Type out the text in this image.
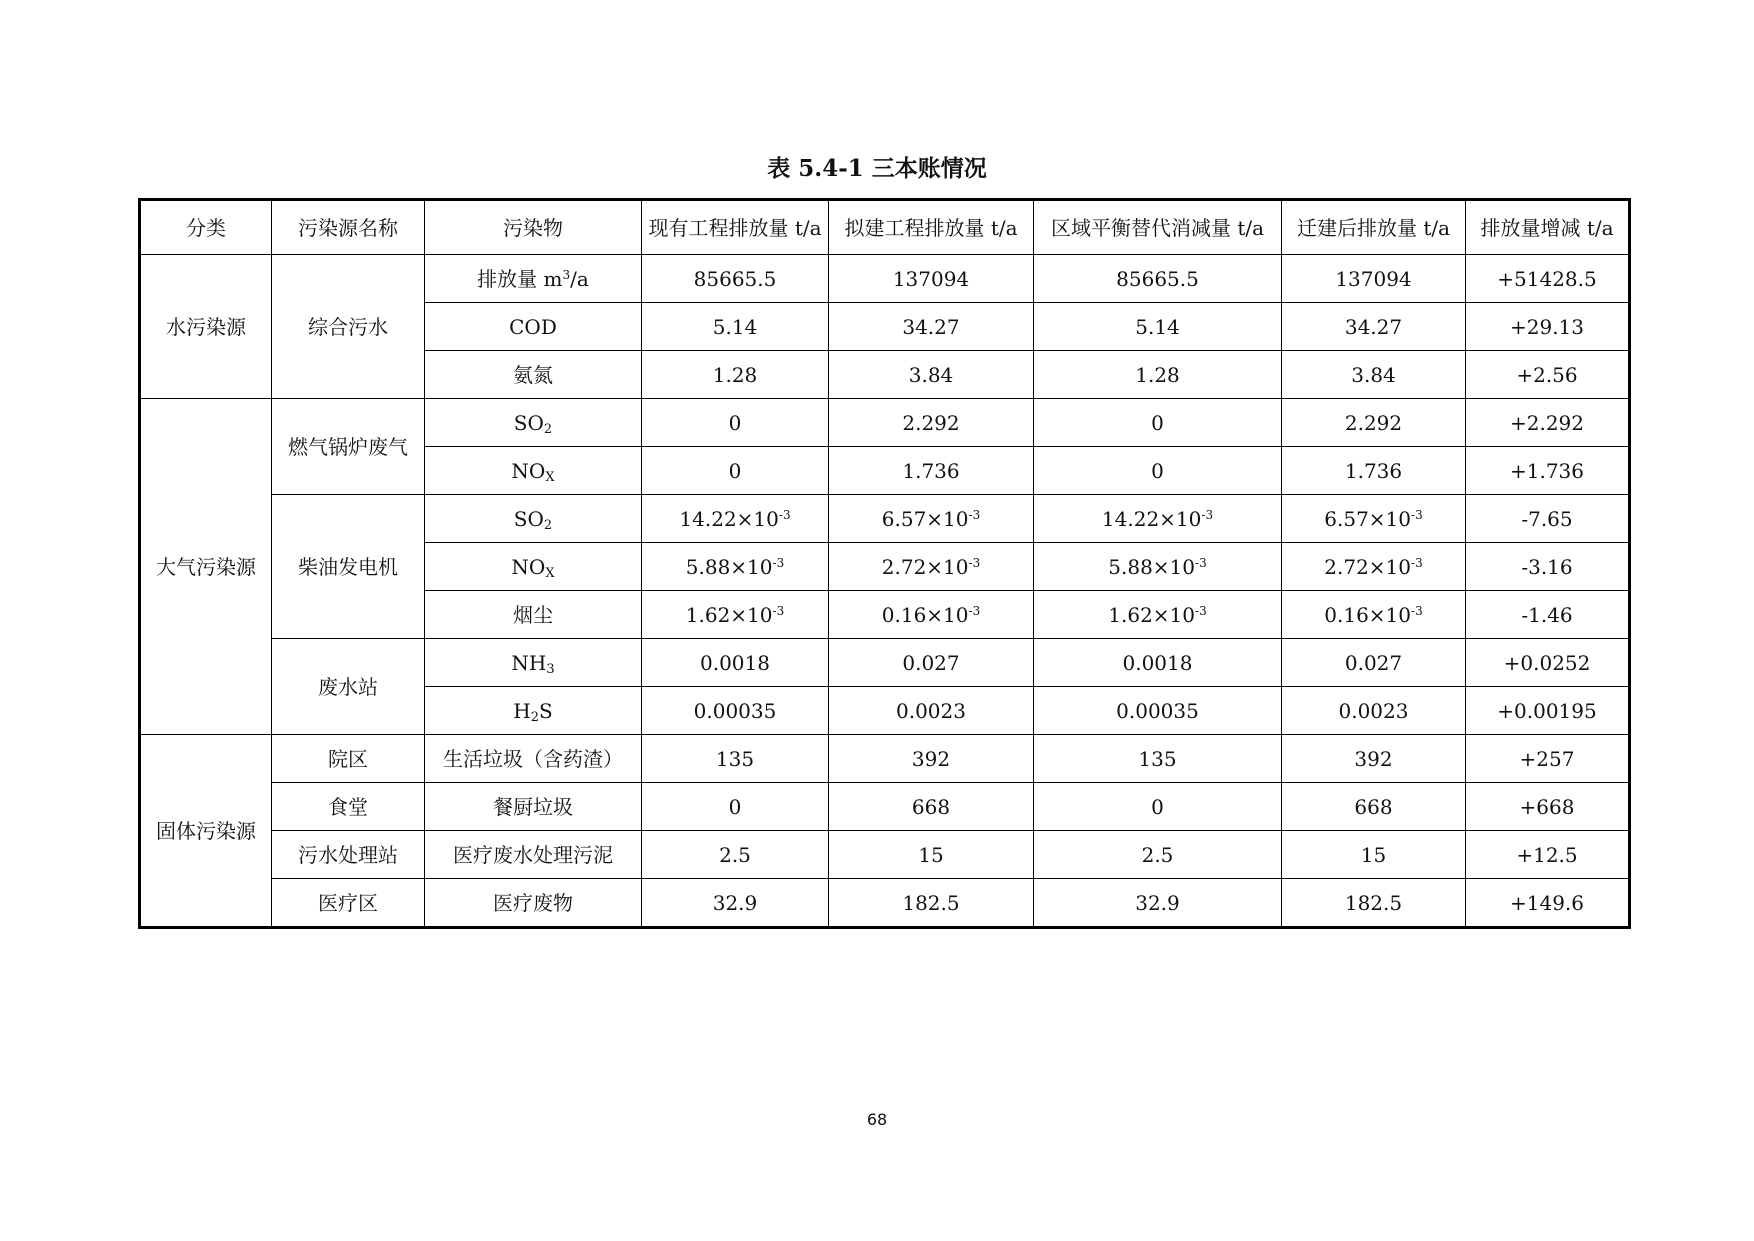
表 5.4-1 三本账情况
分类	污染源名称	污染物	现有工程排放量 t/a	拟建工程排放量 t/a	区域平衡替代消减量 t/a	迁建后排放量 t/a	排放量增减 t/a
水污染源	综合污水	排放量 $m^3/a$	85665.5	137094	85665.5	137094	+51428.5
		COD	5.14	34.27	5.14	34.27	+29.13
		氨氮	1.28	3.84	1.28	3.84	+2.56
大气污染源	燃气锅炉废气	$SO_2$	0	2.292	0	2.292	+2.292
		$NO_X$	0	1.736	0	1.736	+1.736
	柴油发电机	$SO_2$	$14.22\times 10^{-3}$	$6.57\times 10^{-3}$	$14.22\times 10^{-3}$	$6.57\times 10^{-3}$	-7.65
		$NO_X$	$5.88\times 10^{-3}$	$2.72\times 10^{-3}$	$5.88\times 10^{-3}$	$2.72\times 10^{-3}$	-3.16
		烟尘	$1.62\times 10^{-3}$	$0.16\times 10^{-3}$	$1.62\times 10^{-3}$	$0.16\times 10^{-3}$	-1.46
	废水站	$NH_3$	0.0018	0.027	0.0018	0.027	+0.0252
		$H_2S$	0.00035	0.0023	0.00035	0.0023	+0.00195
固体污染源	院区	生活垃圾（含药渣）	135	392	135	392	+257
	食堂	餐厨垃圾	0	668	0	668	+668
	污水处理站	医疗废水处理污泥	2.5	15	2.5	15	+12.5
	医疗区	医疗废物	32.9	182.5	32.9	182.5	+149.6
68
